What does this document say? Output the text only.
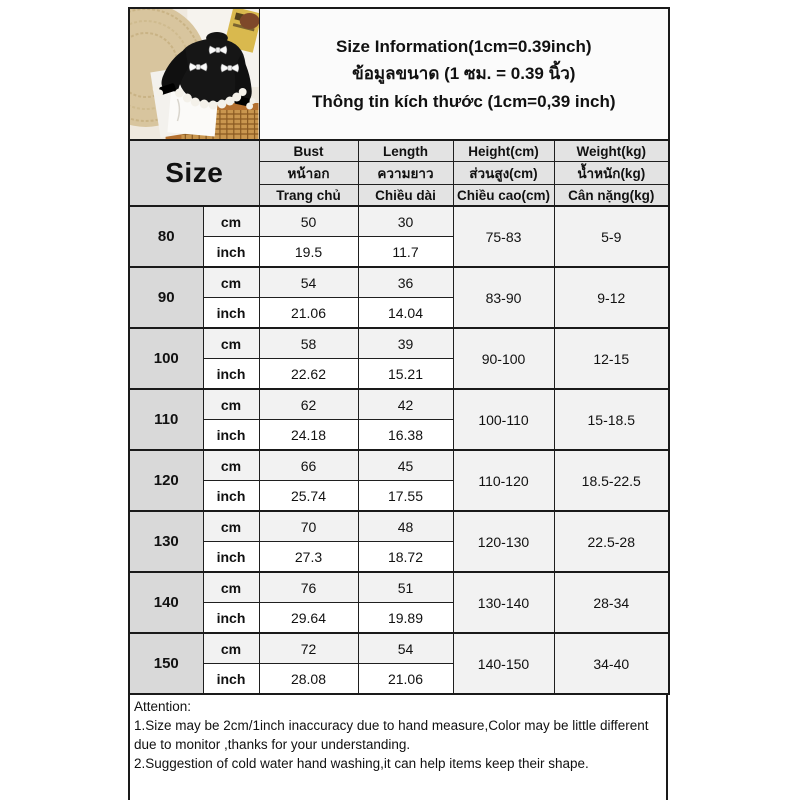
Size Information(1cm=0.39inch)
ข้อมูลขนาด (1 ซม. = 0.39 นิ้ว)
Thông tin kích thước (1cm=0,39 inch)			

Size		Bust	Length	Height(cm)	Weight(kg)
		หน้าอก	ความยาว	ส่วนสูง(cm)	น้ำหนัก(kg)
		Trang chủ	Chiều dài	Chiều cao(cm)	Cân nặng(kg)
80	cm	50	30	75-83	5-9
	inch	19.5	11.7		
90	cm	54	36	83-90	9-12
	inch	21.06	14.04		
100	cm	58	39	90-100	12-15
	inch	22.62	15.21		
110	cm	62	42	100-110	15-18.5
	inch	24.18	16.38		
120	cm	66	45	110-120	18.5-22.5
	inch	25.74	17.55		
130	cm	70	48	120-130	22.5-28
	inch	27.3	18.72		
140	cm	76	51	130-140	28-34
	inch	29.64	19.89		
150	cm	72	54	140-150	34-40
	inch	28.08	21.06		
Attention:
1.Size may be 2cm/1inch inaccuracy due to hand measure,Color may be little different due to monitor ,thanks for your understanding.
2.Suggestion of cold water hand washing,it can help items keep their shape.
